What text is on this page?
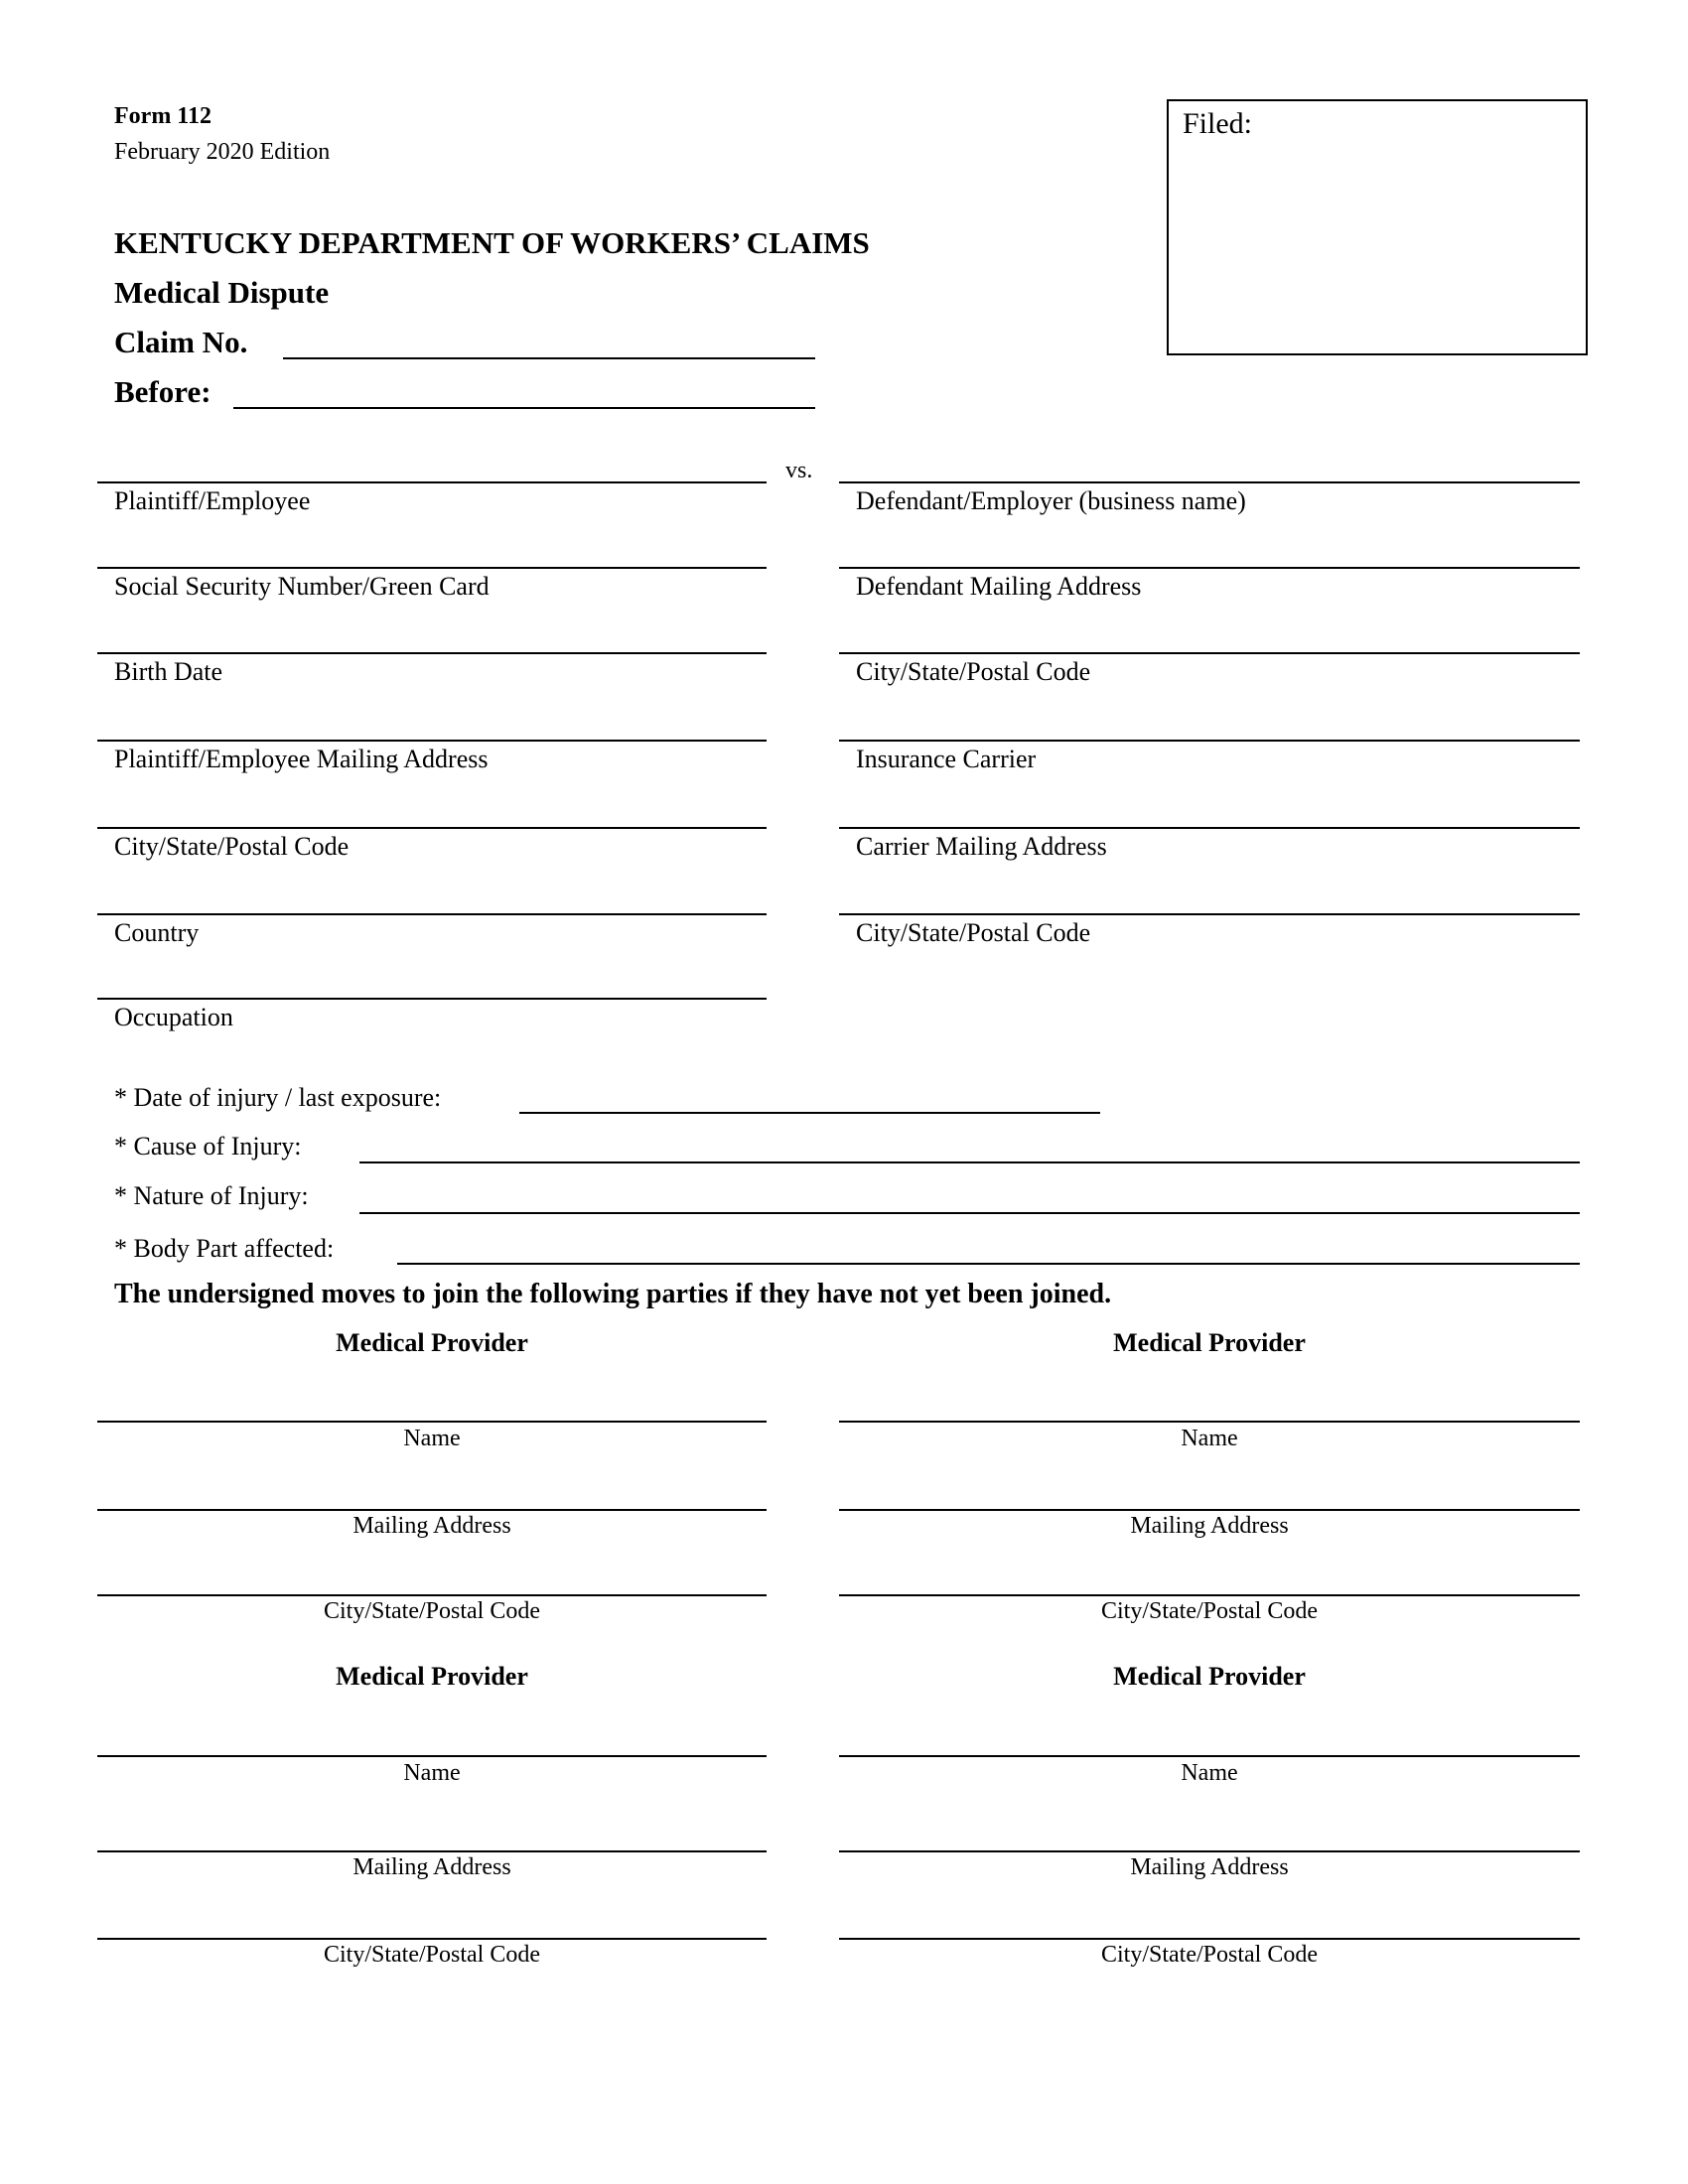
Form 112
February 2020 Edition
Filed:
KENTUCKY DEPARTMENT OF WORKERS’ CLAIMS
Medical Dispute
Claim No.
Before:
vs.
Plaintiff/Employee
Social Security Number/Green Card
Birth Date
Plaintiff/Employee Mailing Address
City/State/Postal Code
Country
Occupation
Defendant/Employer (business name)
Defendant Mailing Address
City/State/Postal Code
Insurance Carrier
Carrier Mailing Address
City/State/Postal Code
* Date of injury / last exposure:
* Cause of Injury:
* Nature of Injury:
* Body Part affected:
The undersigned moves to join the following parties if they have not yet been joined.
Medical Provider
Name
Mailing Address
City/State/Postal Code
Medical Provider
Name
Mailing Address
City/State/Postal Code
Medical Provider
Name
Mailing Address
City/State/Postal Code
Medical Provider
Name
Mailing Address
City/State/Postal Code
